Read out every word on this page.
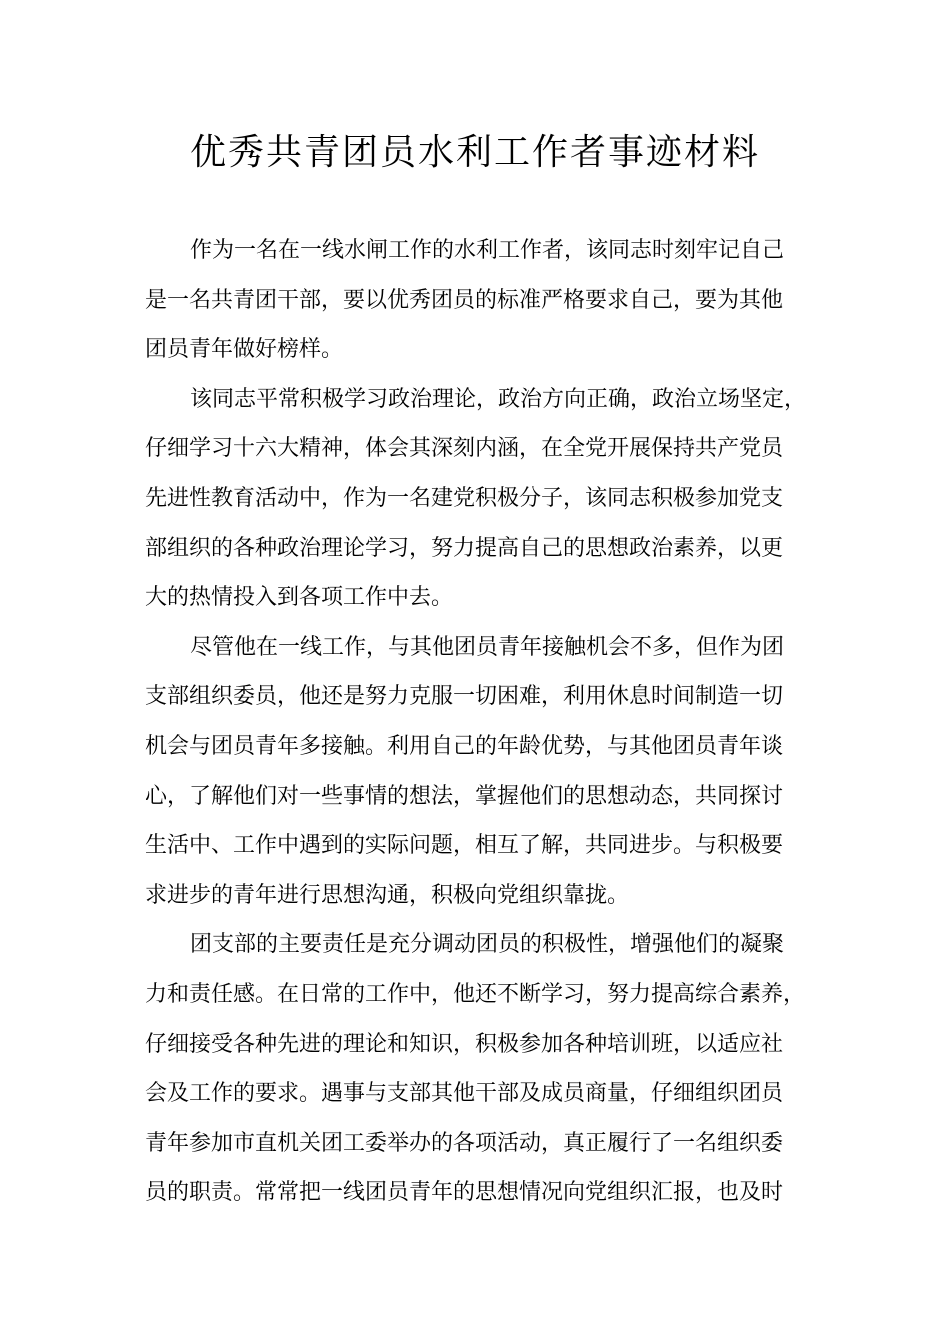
优秀共青团员水利工作者事迹材料
作为一名在一线水闸工作的水利工作者，该同志时刻牢记自己
是一名共青团干部，要以优秀团员的标准严格要求自己，要为其他
团员青年做好榜样。
该同志平常积极学习政治理论，政治方向正确，政治立场坚定，
仔细学习十六大精神，体会其深刻内涵，在全党开展保持共产党员
先进性教育活动中，作为一名建党积极分子，该同志积极参加党支
部组织的各种政治理论学习，努力提高自己的思想政治素养，以更
大的热情投入到各项工作中去。
尽管他在一线工作，与其他团员青年接触机会不多，但作为团
支部组织委员，他还是努力克服一切困难，利用休息时间制造一切
机会与团员青年多接触。利用自己的年龄优势，与其他团员青年谈
心，了解他们对一些事情的想法，掌握他们的思想动态，共同探讨
生活中、工作中遇到的实际问题，相互了解，共同进步。与积极要
求进步的青年进行思想沟通，积极向党组织靠拢。
团支部的主要责任是充分调动团员的积极性，增强他们的凝聚
力和责任感。在日常的工作中，他还不断学习，努力提高综合素养，
仔细接受各种先进的理论和知识，积极参加各种培训班，以适应社
会及工作的要求。遇事与支部其他干部及成员商量，仔细组织团员
青年参加市直机关团工委举办的各项活动，真正履行了一名组织委
员的职责。常常把一线团员青年的思想情况向党组织汇报，也及时
